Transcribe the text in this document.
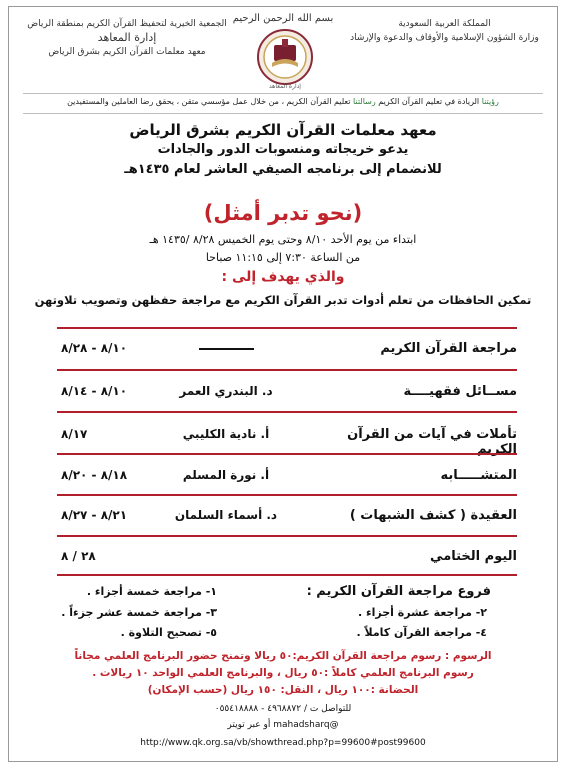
المملكة العربية السعودية
وزارة الشؤون الإسلامية والأوقاف والدعوة والإرشاد
بسم الله الرحمن الرحيم
إدارة المعاهد
الجمعية الخيرية لتحفيظ القرآن الكريم بمنطقة الرياض
إدارة المعاهد
معهد معلمات القرآن الكريم بشرق الرياض
رؤيتنا الريادة في تعليم القرآن الكريم رسالتنا تعليم القرآن الكريم ، من خلال عمل مؤسسي متقن ، يحقق رضا العاملين والمستفيدين
معهد معلمات القرآن الكريم بشرق الرياض
يدعو خريجاته ومنسوبات الدور والجادات
للانضمام إلى برنامجه الصيفي العاشر لعام ١٤٣٥هـ
(نحو تدبر أمثل)
ابتداء من يوم الأحد ٨/١٠ وحتى يوم الخميس ٨/٢٨ /١٤٣٥ هـ
من الساعة ٧:٣٠ إلى ١١:١٥ صباحا
والذي يهدف إلى :
تمكين الحافظات من تعلم أدوات تدبر القرآن الكريم مع مراجعة حفظهن وتصويب تلاوتهن
مراجعة القرآن الكريم
٨/١٠ - ٨/٢٨
مســائل فقهيــــة
د. البندري العمر
٨/١٠ - ٨/١٤
تأملات في آيات من القرآن الكريم
أ. نادية الكليبي
٨/١٧
المتشـــــابه
أ. نورة المسلم
٨/١٨ - ٨/٢٠
العقيدة ( كشف الشبهات )
د. أسماء السلمان
٨/٢١ - ٨/٢٧
اليوم الختامي
٢٨ / ٨
فروع مراجعة القرآن الكريم :
١- مراجعة خمسة أجزاء .
٢- مراجعة عشرة أجزاء .
٣- مراجعة خمسة عشر جزءاً .
٤- مراجعة القرآن كاملاً .
٥- تصحيح التلاوة .
الرسوم : رسوم مراجعة القرآن الكريم:٥٠ ريالا وتمنح حضور البرنامج العلمي مجاناً
رسوم البرنامج العلمي كاملاً :٥٠ ريال ، والبرنامج العلمي الواحد ١٠ ريالات .
الحضانة :١٠٠ ريال ، النقل: ١٥٠ ريال (حسب الإمكان)
للتواصل ت / ٤٩٦٨٨٧٢ - ٠٥٥٤١٨٨٨٨
@mahadsharq أو عبر تويتر
http://www.qk.org.sa/vb/showthread.php?p=99600#post99600
